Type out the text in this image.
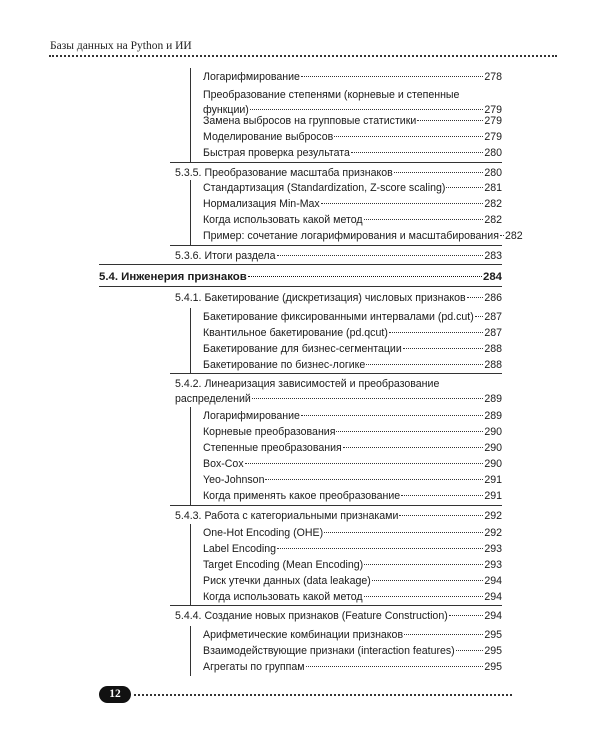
Базы данных на Python и ИИ
Логарифмирование	278
Преобразование степенями (корневые и степенные
функции)	279
Замена выбросов на групповые статистики	279
Моделирование выбросов	279
Быстрая проверка результата	280
5.3.5. Преобразование масштаба признаков	280
Стандартизация (Standardization, Z-score scaling)	281
Нормализация Min-Max	282
Когда использовать какой метод	282
Пример: сочетание логарифмирования и масштабирования 282
5.3.6. Итоги раздела	283
5.4. Инженерия признаков	284
5.4.1. Бакетирование (дискретизация) числовых признаков 286
Бакетирование фиксированными интервалами (pd.cut) 287
Квантильное бакетирование (pd.qcut)	287
Бакетирование для бизнес-сегментации	288
Бакетирование по бизнес-логике	288
5.4.2. Линеаризация зависимостей и преобразование
распределений	289
Логарифмирование	289
Корневые преобразования	290
Степенные преобразования	290
Box-Cox	290
Yeo-Johnson	291
Когда применять какое преобразование	291
5.4.3. Работа с категориальными признаками	292
One-Hot Encoding (OHE)	292
Label Encoding	293
Target Encoding (Mean Encoding)	293
Риск утечки данных (data leakage)	294
Когда использовать какой метод	294
5.4.4. Создание новых признаков (Feature Construction)	294
Арифметические комбинации признаков	295
Взаимодействующие признаки (interaction features)	295
Агрегаты по группам	295
12
